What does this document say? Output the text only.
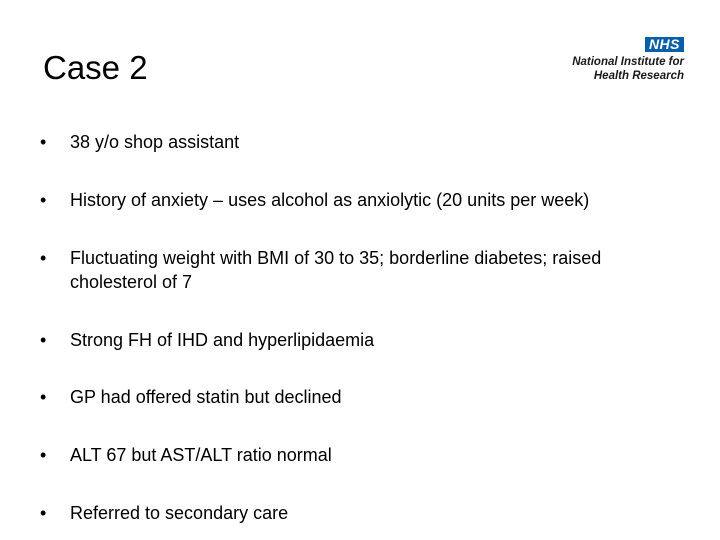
Case 2
NHS
National Institute for
Health Research
•	38 y/o shop assistant
•	History of anxiety – uses alcohol as anxiolytic (20 units per week)
•	Fluctuating weight with BMI of 30 to 35; borderline diabetes; raised
cholesterol of 7
•	Strong FH of IHD and hyperlipidaemia
•	GP had offered statin but declined
•	ALT 67 but AST/ALT ratio normal
•	Referred to secondary care
